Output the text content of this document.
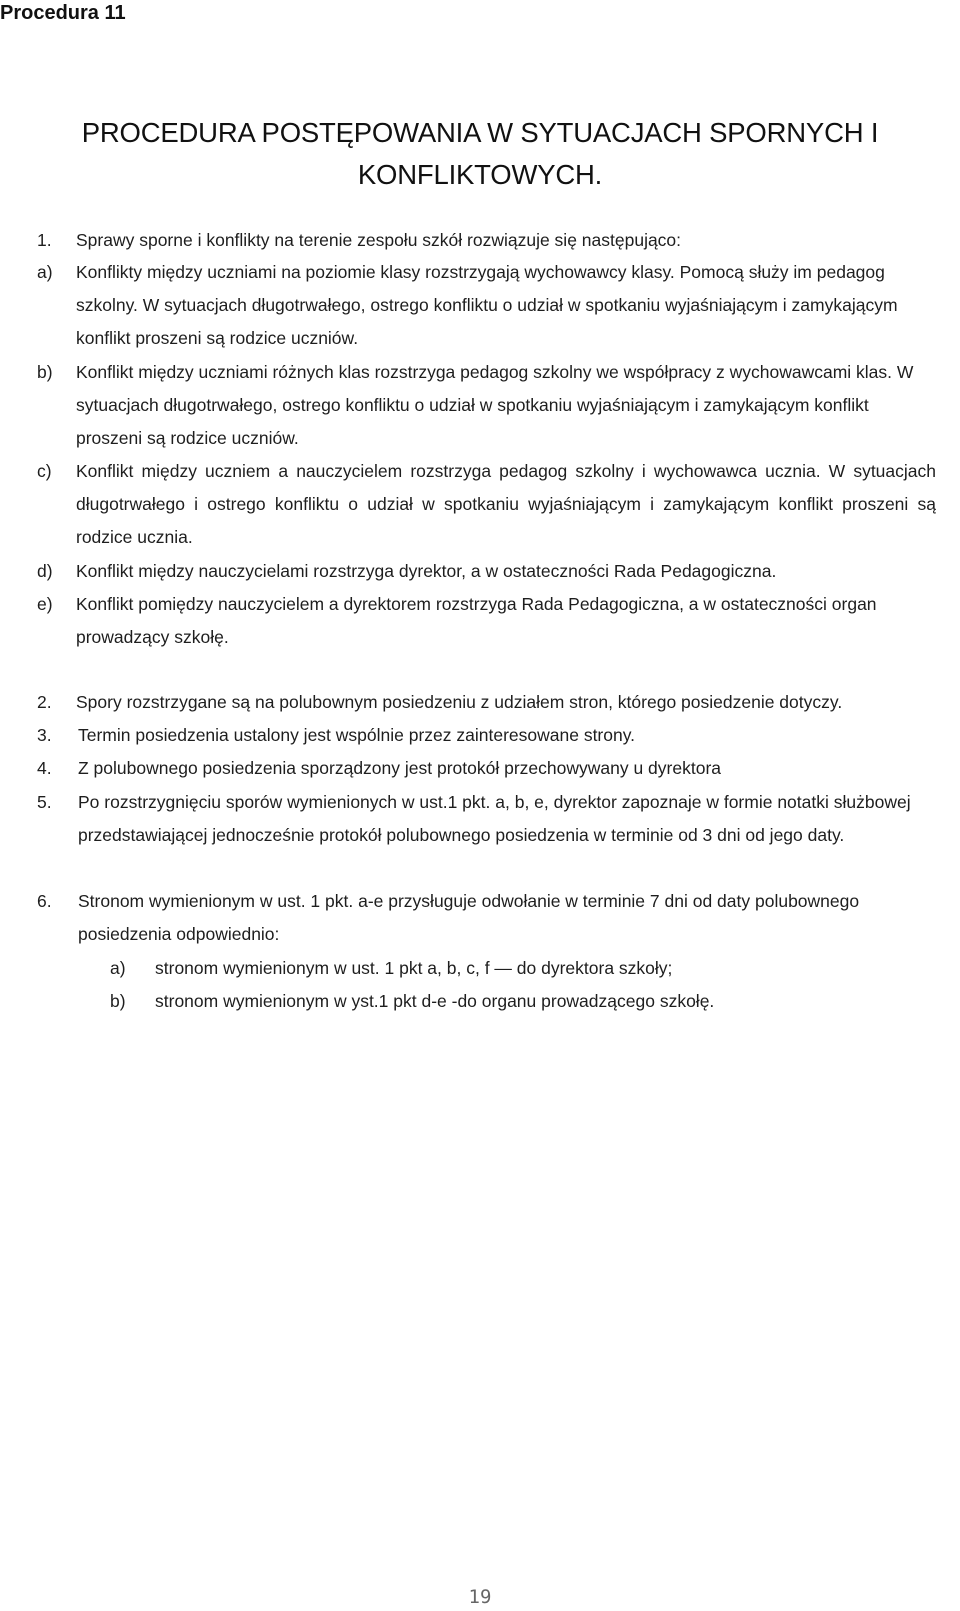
Procedura 11
PROCEDURA POSTĘPOWANIA W SYTUACJACH SPORNYCH I
KONFLIKTOWYCH.
1. Sprawy sporne i konflikty na terenie zespołu szkół rozwiązuje się następująco:
a) Konflikty między uczniami na poziomie klasy rozstrzygają wychowawcy klasy. Pomocą służy im pedagog szkolny. W sytuacjach długotrwałego, ostrego konfliktu o udział w spotkaniu wyjaśniającym i zamykającym konflikt proszeni są rodzice uczniów.
b) Konflikt między uczniami różnych klas rozstrzyga pedagog szkolny we współpracy z wychowawcami klas. W sytuacjach długotrwałego, ostrego konfliktu o udział w spotkaniu wyjaśniającym i zamykającym konflikt proszeni są rodzice uczniów.
c) Konflikt między uczniem a nauczycielem rozstrzyga pedagog szkolny i wychowawca ucznia. W sytuacjach długotrwałego i ostrego konfliktu o udział w spotkaniu wyjaśniającym i zamykającym konflikt proszeni są rodzice ucznia.
d) Konflikt między nauczycielami rozstrzyga dyrektor, a w ostateczności Rada Pedagogiczna.
e) Konflikt pomiędzy nauczycielem a dyrektorem rozstrzyga Rada Pedagogiczna, a w ostateczności organ prowadzący szkołę.
2. Spory rozstrzygane są na polubownym posiedzeniu z udziałem stron, którego posiedzenie dotyczy.
3. Termin posiedzenia ustalony jest wspólnie przez zainteresowane strony.
4. Z polubownego posiedzenia sporządzony jest protokół przechowywany u dyrektora
5. Po rozstrzygnięciu sporów wymienionych w ust.1 pkt. a, b, e, dyrektor zapoznaje w formie notatki służbowej przedstawiającej jednocześnie protokół polubownego posiedzenia w terminie od 3 dni od jego daty.
6. Stronom wymienionym w ust. 1 pkt. a-e przysługuje odwołanie w terminie 7 dni od daty polubownego posiedzenia odpowiednio:
a) stronom wymienionym w ust. 1 pkt a, b, c, f — do dyrektora szkoły;
b) stronom wymienionym w yst.1 pkt d-e -do organu prowadzącego szkołę.
19
